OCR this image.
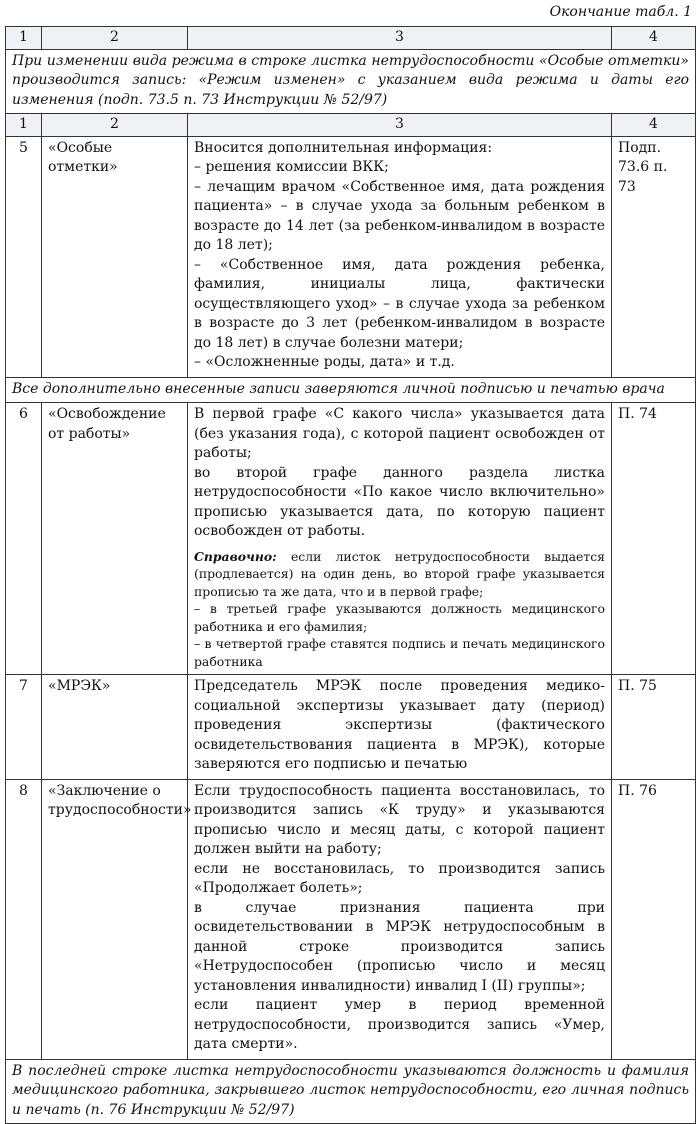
Окончание табл. 1
1	2	3	4
При изменении вида режима в строке листка нетрудоспособности «Особые отметки» производится запись: «Режим изменен» с указанием вида режима и даты его изменения (подп. 73.5 п. 73 Инструкции № 52/97)			
1	2	3	4
5	«Особые отметки»	Вносится дополнительная информация:
– решения комиссии ВКК;
– лечащим врачом «Собственное имя, дата рождения пациента» – в случае ухода за больным ребенком в возрасте до 14 лет (за ребенком-инвалидом в возрасте до 18 лет);
– «Собственное имя, дата рождения ребенка, фамилия, инициалы лица, фактически осуществляющего уход» – в случае ухода за ребенком в возрасте до 3 лет (ребенком-инвалидом в возрасте до 18 лет) в случае болезни матери;
– «Осложненные роды, дата» и т.д.	Подп. 73.6 п. 73
Все дополнительно внесенные записи заверяются личной подписью и печатью врача			
6	«Освобождение от работы»	В первой графе «С какого числа» указывается дата (без указания года), с которой пациент освобожден от работы;
во второй графе данного раздела листка нетрудоспособности «По какое число включительно» прописью указывается дата, по которую пациент освобожден от работы.
Справочно: если листок нетрудоспособности выдается (продлевается) на один день, во второй графе указывается прописью та же дата, что и в первой графе;
– в третьей графе указываются должность медицинского работника и его фамилия;
– в четвертой графе ставятся подпись и печать медицинского работника	П. 74
7	«МРЭК»	Председатель МРЭК после проведения медико-социальной экспертизы указывает дату (период) проведения экспертизы (фактического освидетельствования пациента в МРЭК), которые заверяются его подписью и печатью	П. 75
8	«Заключение о трудоспособности»	Если трудоспособность пациента восстановилась, то производится запись «К труду» и указываются прописью число и месяц даты, с которой пациент должен выйти на работу;
если не восстановилась, то производится запись «Продолжает болеть»;
в случае признания пациента при освидетельствовании в МРЭК нетрудоспособным в данной строке производится запись «Нетрудоспособен (прописью число и месяц установления инвалидности) инвалид I (II) группы»;
если пациент умер в период временной нетрудоспособности, производится запись «Умер, дата смерти».	П. 76
В последней строке листка нетрудоспособности указываются должность и фамилия медицинского работника, закрывшего листок нетрудоспособности, его личная подпись и печать (п. 76 Инструкции № 52/97)			
